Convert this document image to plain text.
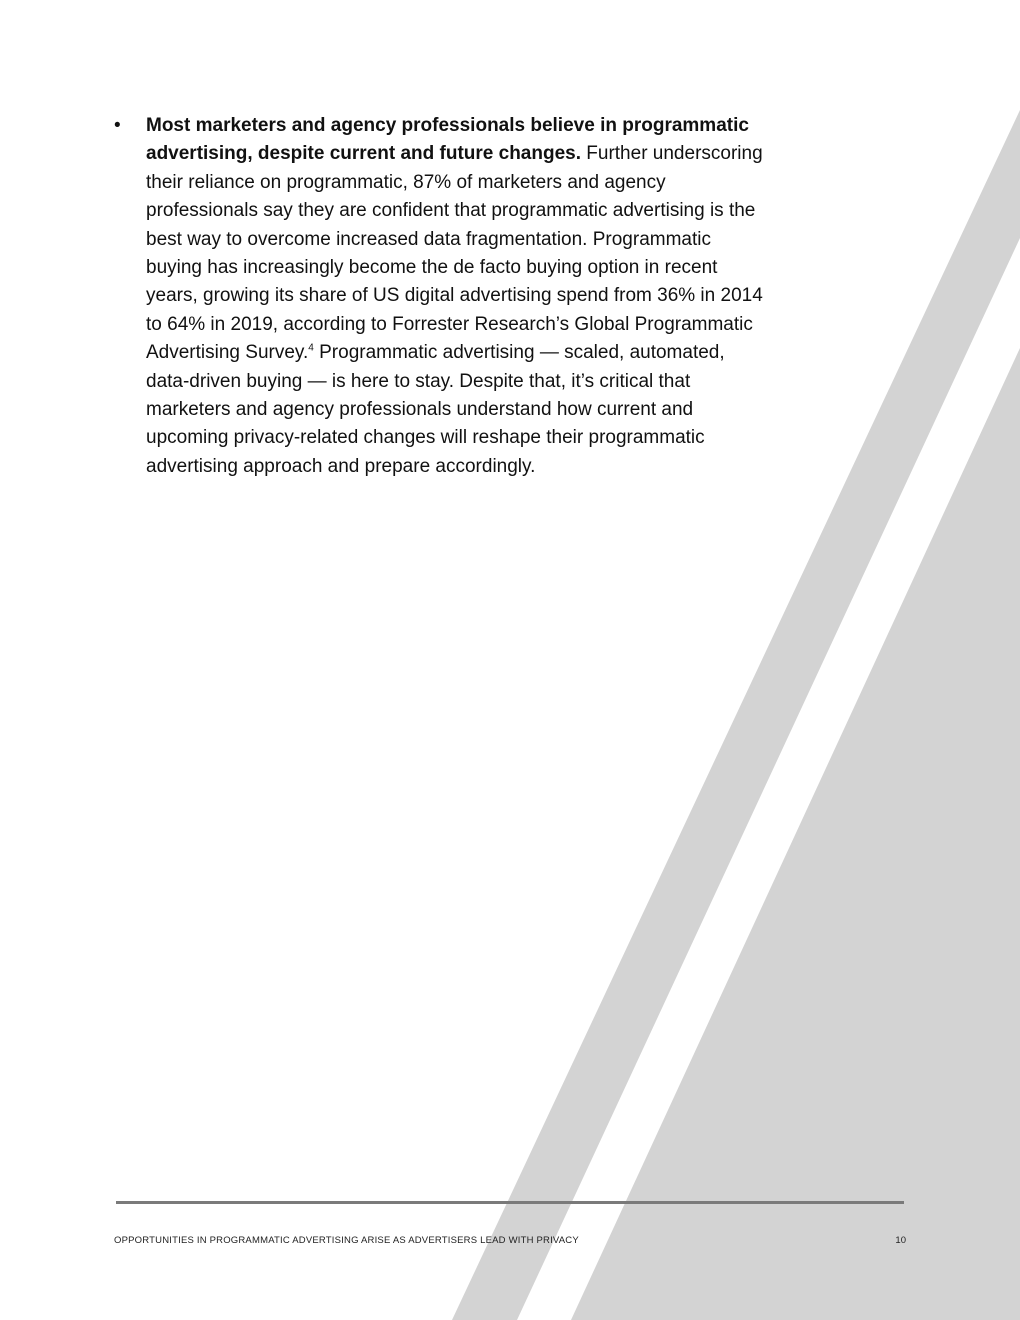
• Most marketers and agency professionals believe in programmatic advertising, despite current and future changes. Further underscoring their reliance on programmatic, 87% of marketers and agency professionals say they are confident that programmatic advertising is the best way to overcome increased data fragmentation. Programmatic buying has increasingly become the de facto buying option in recent years, growing its share of US digital advertising spend from 36% in 2014 to 64% in 2019, according to Forrester Research’s Global Programmatic Advertising Survey.$^4$ Programmatic advertising — scaled, automated, data-driven buying — is here to stay. Despite that, it’s critical that marketers and agency professionals understand how current and upcoming privacy-related changes will reshape their programmatic advertising approach and prepare accordingly.
OPPORTUNITIES IN PROGRAMMATIC ADVERTISING ARISE AS ADVERTISERS LEAD WITH PRIVACY	10
